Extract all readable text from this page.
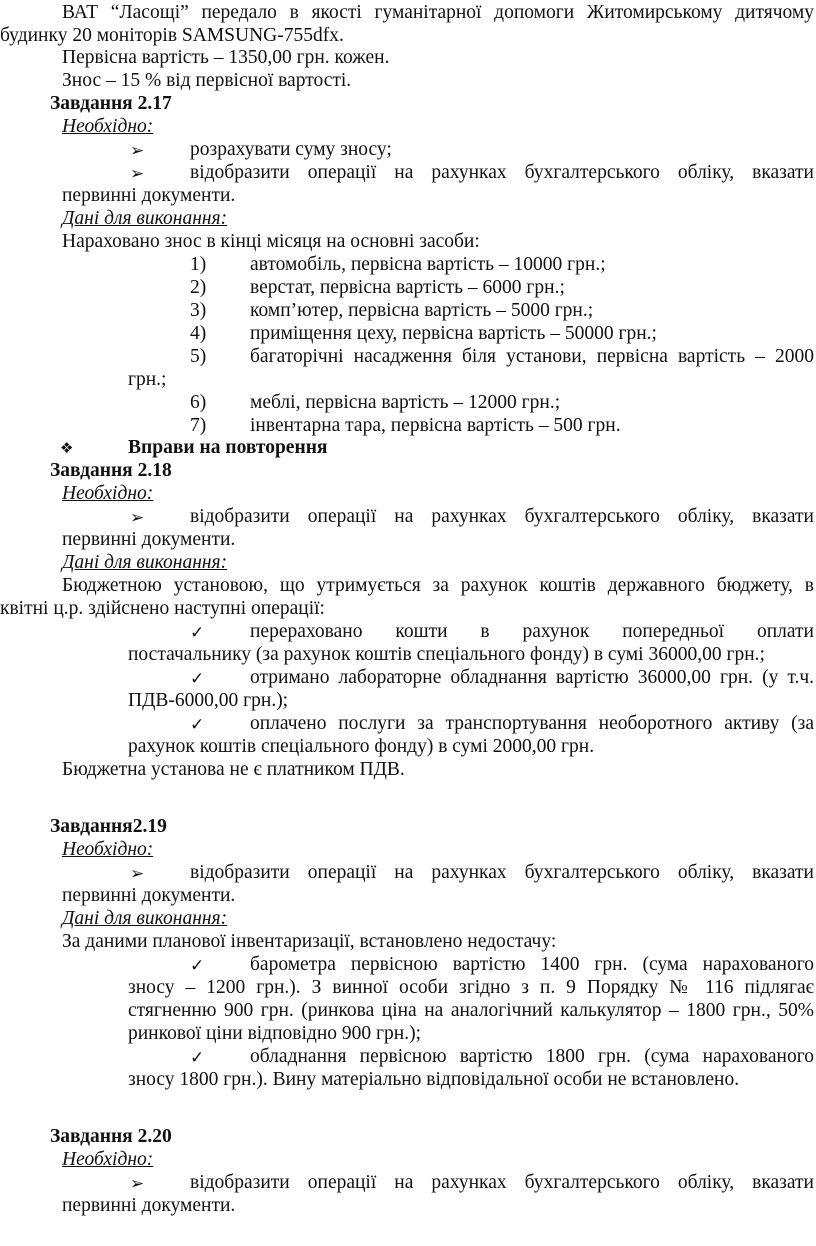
ВАТ “Ласощі” передало в якості гуманітарної допомоги Житомирському дитячому
будинку 20 моніторів SAMSUNG-755dfx.
Первісна вартість – 1350,00 грн. кожен.
Знос – 15 % від первісної вартості.
Завдання 2.17
Необхідно:
➢ розрахувати суму зносу;
➢ відобразити операції на рахунках бухгалтерського обліку, вказати
первинні документи.
Дані для виконання:
Нараховано знос в кінці місяця на основні засоби:
1) автомобіль, первісна вартість – 10000 грн.;
2) верстат, первісна вартість – 6000 грн.;
3) комп’ютер, первісна вартість – 5000 грн.;
4) приміщення цеху, первісна вартість – 50000 грн.;
5) багаторічні насадження біля установи, первісна вартість – 2000
грн.;
6) меблі, первісна вартість – 12000 грн.;
7) інвентарна тара, первісна вартість – 500 грн.
❖	Вправи на повторення
Завдання 2.18
Необхідно:
➢ відобразити операції на рахунках бухгалтерського обліку, вказати
первинні документи.
Дані для виконання:
Бюджетною установою, що утримується за рахунок коштів державного бюджету, в
квітні ц.р. здійснено наступні операції:
✓ перераховано кошти в рахунок попередньої оплати
постачальнику (за рахунок коштів спеціального фонду) в сумі 36000,00 грн.;
✓ отримано лабораторне обладнання вартістю 36000,00 грн. (у т.ч.
ПДВ-6000,00 грн.);
✓ оплачено послуги за транспортування необоротного активу (за
рахунок коштів спеціального фонду) в сумі 2000,00 грн.
Бюджетна установа не є платником ПДВ.
Завдання2.19
Необхідно:
➢ відобразити операції на рахунках бухгалтерського обліку, вказати
первинні документи.
Дані для виконання:
За даними планової інвентаризації, встановлено недостачу:
✓ барометра первісною вартістю 1400 грн. (сума нарахованого
зносу – 1200 грн.). З винної особи згідно з п. 9 Порядку № 116 підлягає
стягненню 900 грн. (ринкова ціна на аналогічний калькулятор – 1800 грн., 50%
ринкової ціни відповідно 900 грн.);
✓ обладнання первісною вартістю 1800 грн. (сума нарахованого
зносу 1800 грн.). Вину матеріально відповідальної особи не встановлено.
Завдання 2.20
Необхідно:
➢ відобразити операції на рахунках бухгалтерського обліку, вказати
первинні документи.
